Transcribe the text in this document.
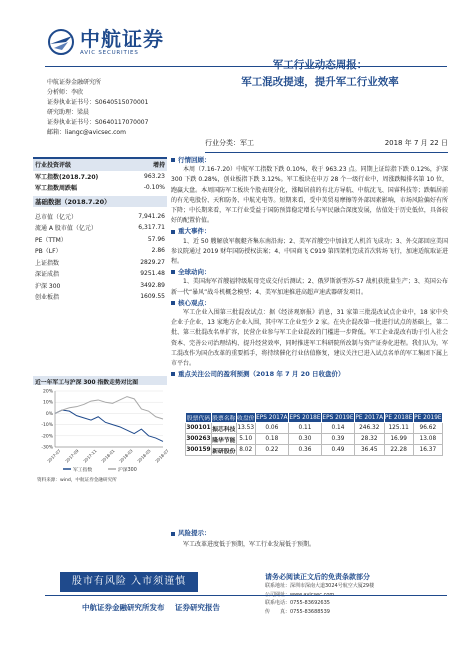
中航证券
AVIC SECURITIES
军工行业动态周报：
军工混改提速，提升军工行业效率
中航证券金融研究所
分析师：李欣
证券执业证书号：S0640515070001
研究助理：梁晨
证券执业证书号：S0640117070007
邮箱：liangc@avicsec.com
行业分类：军工	2018 年 7 月 22 日
行业投资评级	增持
军工指数(2018.7.20)	963.23
军工指数周跌幅	-0.10%
基础数据（2018.7.20）
总市值（亿元）	7,941.26
流通 A 股市值（亿元）	6,317.71
PE（TTM）	57.96
PB（LF）	2.86
上证指数	2829.27
深证成指	9251.48
沪深 300	3492.89
创业板指	1609.55
近一年军工与沪深 300 指数走势对比图
20%
10%
0%
-10%
-20%
-30%
2017-07 2017-09 2017-11 2018-01 2018-03 2018-05 2018-07
军工指数	沪深300
资料来源：wind，中航证券金融研究所
行情回顾：
本周（7.16-7.20）中航军工指数下跌 0.10%，收于 963.23 点。同期上证综指下跌 0.12%，沪深 300 下跌 0.28%，创业板指下跌 3.12%。军工板块在申万 28 个一级行业中，周涨跌幅排名第 10 位，跑赢大盘。本周国防军工板块个股表现分化，涨幅居前的有北方导航、中航沈飞、国睿科技等；跌幅居前的有光电股份、天和防务、中航光电等。短期来看，受中美贸易摩擦等外部因素影响，市场风险偏好有所下降；中长期来看，军工行业受益于国防预算稳定增长与军民融合深度发展，估值处于历史低位，具备较好的配置价值。
重大事件：
1、近 50 艘解放军舰艇齐集东南沿海；2、美军首艘空中加油无人机首飞成功；3、外交部回应美国参议院通过 2019 财年国防授权法案；4、中国商飞 C919 第四架机完成首次转场飞行，加速适航取证进程。
全球动向：
1、美国海军首艘福特级航母完成交付后测试；2、俄罗斯新型苏-57 战机获批量生产；3、英国公布新一代“暴风”战斗机概念模型；4、美军加速推进高超声速武器研发项目。
核心观点：
军工企业入围第三批混改试点：据《经济观察报》消息，31 家第三批混改试点企业中，18 家中央企业子企业、13 家地方企业入围，其中军工企业至少 2 家。在央企混改第一批进行试点的基础上，第二批、第三批混改名单扩容，民营企业参与军工企业混改的门槛进一步降低。军工企业混改有助于引入社会资本、完善公司治理结构、提升经营效率，同时推进军工科研院所改制与资产证券化进程。我们认为，军工混改作为国企改革的重要抓手，将持续催化行业估值修复，建议关注已进入试点名单的军工集团下属上市平台。
重点关注公司的盈利预测（2018 年 7 月 20 日收盘价）
股票代码	股票名称	收盘价	EPS 2017A	EPS 2018E	EPS 2019E	PE 2017A	PE 2018E	PE 2019E
300101	振芯科技	13.53	0.06	0.11	0.14	246.32	125.11	96.62
300263	隆华节能	5.10	0.18	0.30	0.39	28.32	16.99	13.08
300159	新研股份	8.02	0.22	0.36	0.49	36.45	22.28	16.37
风险提示：
军工改革进度低于预期，军工行业发展低于预期。
股市有风险 入市须谨慎	请务必阅读正文后的免责条款部分
联系地址：深圳市深南大道3024号航空大厦29楼
联系电话：0755-83692635
传　　真：0755-83688539
中航证券金融研究所发布 证券研究报告
